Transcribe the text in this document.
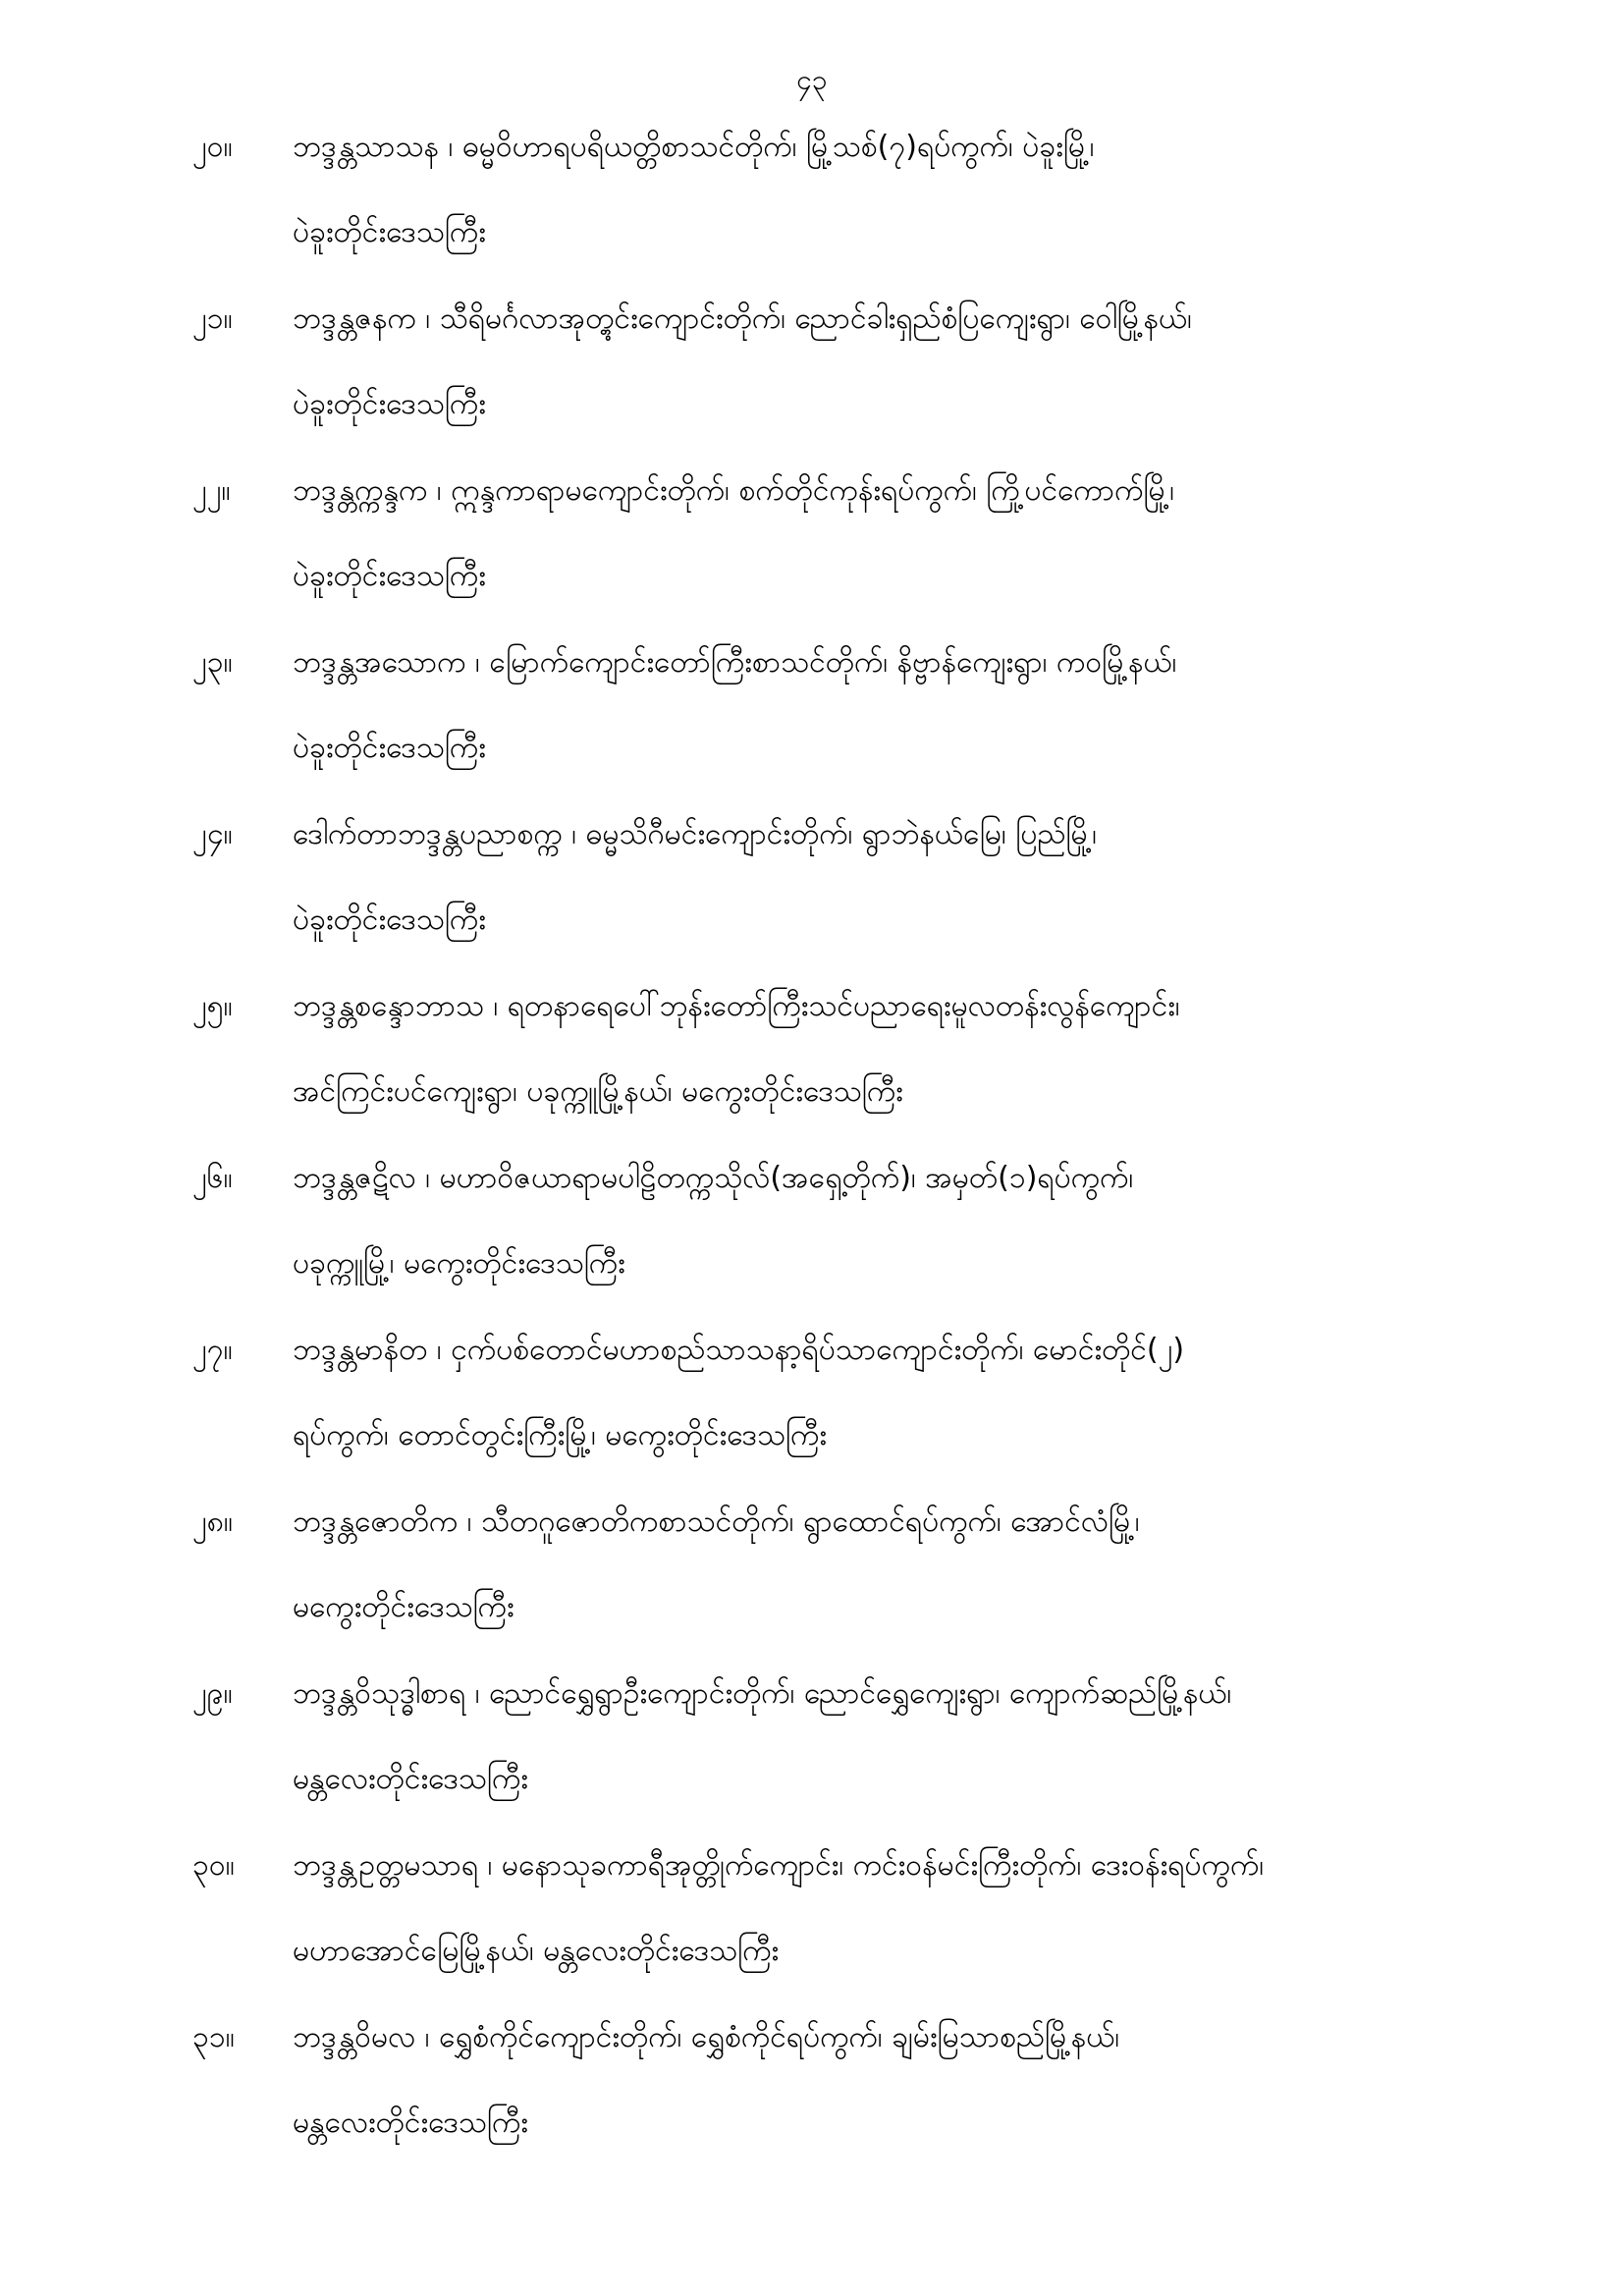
၄၃
၂၀။	ဘဒ္ဒန္တသာသန ၊ ဓမ္မဝိဟာရပရိယတ္တိစာသင်တိုက်၊ မြို့သစ်(၇)ရပ်ကွက်၊ ပဲခူးမြို့၊
ပဲခူးတိုင်းဒေသကြီး
၂၁။	ဘဒ္ဒန္တဇနက ၊ သီရိမင်္ဂလာအုတ္တွင်းကျောင်းတိုက်၊ ညောင်ခါးရှည်စံပြကျေးရွာ၊ ဝေါမြို့နယ်၊
ပဲခူးတိုင်းဒေသကြီး
၂၂။	ဘဒ္ဒန္တက္ကန္ဒက ၊ ဣန္ဒကာရာမကျောင်းတိုက်၊ စက်တိုင်ကုန်းရပ်ကွက်၊ ကြို့ပင်ကောက်မြို့၊
ပဲခူးတိုင်းဒေသကြီး
၂၃။	ဘဒ္ဒန္တအသောက ၊ မြောက်ကျောင်းတော်ကြီးစာသင်တိုက်၊ နိဗ္ဗာန်ကျေးရွာ၊ ကဝမြို့နယ်၊
ပဲခူးတိုင်းဒေသကြီး
၂၄။	ဒေါက်တာဘဒ္ဒန္တပညာစက္က ၊ ဓမ္မသိဂီမင်းကျောင်းတိုက်၊ ရွာဘဲနယ်မြေ၊ ပြည်မြို့၊
ပဲခူးတိုင်းဒေသကြီး
၂၅။	ဘဒ္ဒန္တစန္ဒောဘာသ ၊ ရတနာရေပေါ်ဘုန်းတော်ကြီးသင်ပညာရေးမူလတန်းလွန်ကျောင်း၊
အင်ကြင်းပင်ကျေးရွာ၊ ပခုက္ကူမြို့နယ်၊ မကွေးတိုင်းဒေသကြီး
၂၆။	ဘဒ္ဒန္တဇဋိလ ၊ မဟာဝိဇယာရာမပါဠိတက္ကသိုလ်(အရှေ့တိုက်)၊ အမှတ်(၁)ရပ်ကွက်၊
ပခုက္ကူမြို့၊ မကွေးတိုင်းဒေသကြီး
၂၇။	ဘဒ္ဒန္တမာနိတ ၊ ငှက်ပစ်တောင်မဟာစည်သာသနာ့ရိပ်သာကျောင်းတိုက်၊ မောင်းတိုင်(၂)
ရပ်ကွက်၊ တောင်တွင်းကြီးမြို့၊ မကွေးတိုင်းဒေသကြီး
၂၈။	ဘဒ္ဒန္တဇောတိက ၊ သီတဂူဇောတိကစာသင်တိုက်၊ ရွာထောင်ရပ်ကွက်၊ အောင်လံမြို့၊
မကွေးတိုင်းဒေသကြီး
၂၉။	ဘဒ္ဒန္တဝိသုဒ္ဓါစာရ ၊ ညောင်ရွှေရွာဦးကျောင်းတိုက်၊ ညောင်ရွှေကျေးရွာ၊ ကျောက်ဆည်မြို့နယ်၊
မန္တလေးတိုင်းဒေသကြီး
၃၀။	ဘဒ္ဒန္တဥတ္တမသာရ ၊ မနောသုခကာရီအုတ္တိုက်ကျောင်း၊ ကင်းဝန်မင်းကြီးတိုက်၊ ဒေးဝန်းရပ်ကွက်၊
မဟာအောင်မြေမြို့နယ်၊ မန္တလေးတိုင်းဒေသကြီး
၃၁။	ဘဒ္ဒန္တဝိမလ ၊ ရွှေစံကိုင်ကျောင်းတိုက်၊ ရွှေစံကိုင်ရပ်ကွက်၊ ချမ်းမြသာစည်မြို့နယ်၊
မန္တလေးတိုင်းဒေသကြီး
